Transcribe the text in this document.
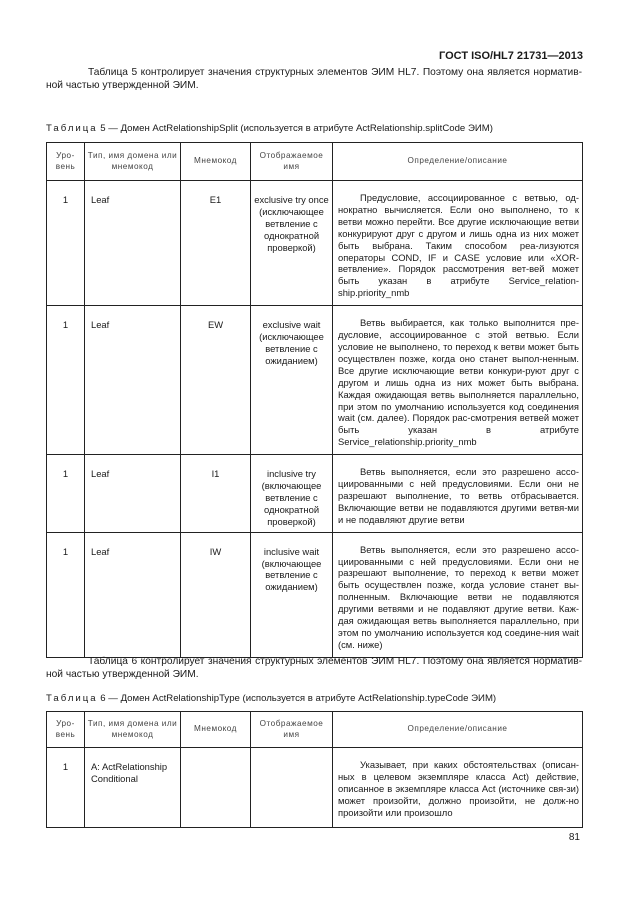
ГОСТ ISO/HL7 21731—2013

Таблица 5 контролирует значения структурных элементов ЭИМ HL7. Поэтому она является норматив-ной частью утвержденной ЭИМ.

Таблица 5 — Домен ActRelationshipSplit (используется в атрибуте ActRelationship.splitCode ЭИМ)
Уро-вень	Тип, имя домена или мнемокод	Мнемокод	Отображаемое имя	Определение/описание
1	Leaf	E1	exclusive try once (исключающее ветвление с однократной проверкой)	Предусловие, ассоциированное с ветвью, од-нократно вычисляется. Если оно выполнено, то к ветви можно перейти. Все другие исключающие ветви конкурируют друг с другом и лишь одна из них может быть выбрана. Таким способом реа-лизуются операторы COND, IF и CASE условие или «XOR-ветвление». Порядок рассмотрения вет-вей может быть указан в атрибуте Service_relation-ship.priority_nmb

1	Leaf	EW	exclusive wait (исключающее ветвление с ожиданием)	Ветвь выбирается, как только выполнится пре-дусловие, ассоциированное с этой ветвью. Если условие не выполнено, то переход к ветви может быть осуществлен позже, когда оно станет выпол-ненным. Все другие исключающие ветви конкури-руют друг с другом и лишь одна из них может быть выбрана. Каждая ожидающая ветвь выполняется параллельно, при этом по умолчанию используетcя код соединения wait (см. далее). Порядок рас-смотрения ветвей может быть указан в атрибуте Service_relationship.priority_nmb

1	Leaf	I1	inclusive try (включающее ветвление с однократной проверкой)	Ветвь выполняется, если это разрешено ассо-циированными с ней предусловиями. Если они не разрешают выполнение, то ветвь отбрасывается. Включающие ветви не подавляются другими ветвя-ми и не подавляют другие ветви

1	Leaf	IW	inclusive wait (включающее ветвление с ожиданием)	Ветвь выполняется, если это разрешено ассо-циированными с ней предусловиями. Если они не разрешают выполнение, то переход к ветви может быть осуществлен позже, когда условие станет вы-полненным. Включающие ветви не подавляются другими ветвями и не подавляют другие ветви. Каж-дая ожидающая ветвь выполняется параллельно, при этом по умолчанию используется код соедине-ния wait (см. ниже)

Таблица 6 контролирует значения структурных элементов ЭИМ HL7. Поэтому она является норматив-ной частью утвержденной ЭИМ.

Таблица 6 — Домен ActRelationshipType (используется в атрибуте ActRelationship.typeCode ЭИМ)
Уро-вень	Тип, имя домена или мнемокод	Мнемокод	Отображаемое имя	Определение/описание
1	A: ActRelationship Conditional			Указывает, при каких обстоятельствах (описан-ных в целевом экземпляре класса Act) действие, описанное в экземпляре класса Act (источнике свя-зи) может произойти, должно произойти, не долж-но произойти или произошло

81
